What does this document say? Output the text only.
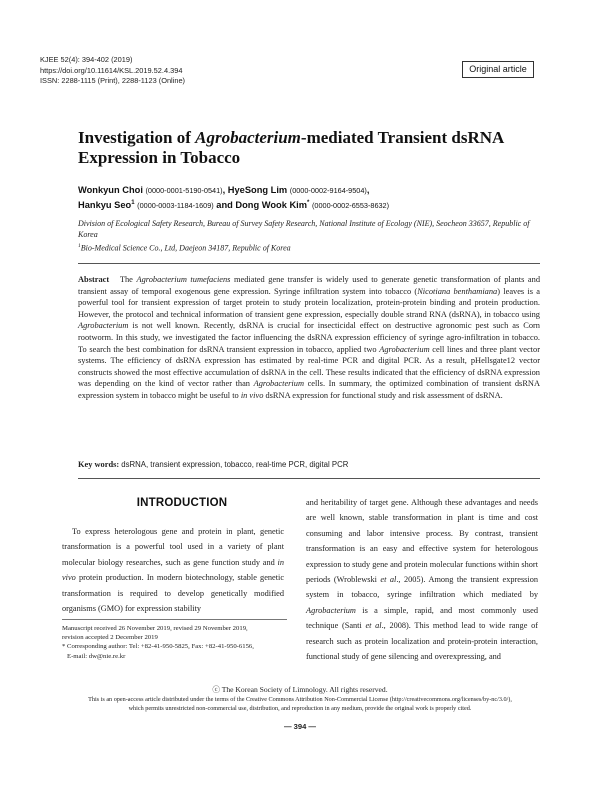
KJEE 52(4): 394-402 (2019)
https://doi.org/10.11614/KSL.2019.52.4.394
ISSN: 2288-1115 (Print), 2288-1123 (Online)
Original article
Investigation of Agrobacterium-mediated Transient dsRNA
Expression in Tobacco
Wonkyun Choi (0000-0001-5190-0541), HyeSong Lim (0000-0002-9164-9504),
Hankyu Seo$^1$ (0000-0003-1184-1609) and Dong Wook Kim* (0000-0002-6553-8632)
Division of Ecological Safety Research, Bureau of Survey Safety Research, National Institute of Ecology (NIE), Seocheon 33657, Republic of Korea
$^1$Bio-Medical Science Co., Ltd, Daejeon 34187, Republic of Korea
Abstract The Agrobacterium tumefaciens mediated gene transfer is widely used to generate genetic transformation of plants and transient assay of temporal exogenous gene expression. Syringe infiltration system into tobacco (Nicotiana benthamiana) leaves is a powerful tool for transient expression of target protein to study protein localization, protein-protein binding and protein production. However, the protocol and technical information of transient gene expression, especially double strand RNA (dsRNA), in tobacco using Agrobacterium is not well known. Recently, dsRNA is crucial for insecticidal effect on destructive agronomic pest such as Corn rootworm. In this study, we investigated the factor influencing the dsRNA expression efficiency of syringe agro-infiltration in tobacco. To search the best combination for dsRNA transient expression in tobacco, applied two Agrobacterium cell lines and three plant vector systems. The efficiency of dsRNA expression has estimated by real-time PCR and digital PCR. As a result, pHellsgate12 vector constructs showed the most effective accumulation of dsRNA in the cell. These results indicated that the efficiency of dsRNA expression was depending on the kind of vector rather than Agrobacterium cells. In summary, the optimized combination of transient dsRNA expression system in tobacco might be useful to in vivo dsRNA expression for functional study and risk assessment of dsRNA.
Key words: dsRNA, transient expression, tobacco, real-time PCR, digital PCR
INTRODUCTION
To express heterologous gene and protein in plant, genetic transformation is a powerful tool used in a variety of plant molecular biology researches, such as gene function study and in vivo protein production. In modern biotechnology, stable genetic transformation is required to develop genetically modified organisms (GMO) for expression stability
Manuscript received 26 November 2019, revised 29 November 2019,
revision accepted 2 December 2019
* Corresponding author: Tel: +82-41-950-5825, Fax: +82-41-950-6156,
E-mail: dw@nie.re.kr
and heritability of target gene. Although these advantages and needs are well known, stable transformation in plant is time and cost consuming and labor intensive process. By contrast, transient transformation is an easy and effective system for heterologous expression to study gene and protein molecular functions within short periods (Wroblewski et al., 2005). Among the transient expression system in tobacco, syringe infiltration which mediated by Agrobacterium is a simple, rapid, and most commonly used technique (Santi et al., 2008). This method lead to wide range of research such as protein localization and protein-protein interaction, functional study of gene silencing and overexpressing, and
ⓒ The Korean Society of Limnology. All rights reserved.
This is an open-access article distributed under the terms of the Creative Commons Attribution Non-Commercial License (http://creativecommons.org/licenses/by-nc/3.0/),
which permits unrestricted non-commercial use, distribution, and reproduction in any medium, provide the original work is properly cited.
— 394 —
